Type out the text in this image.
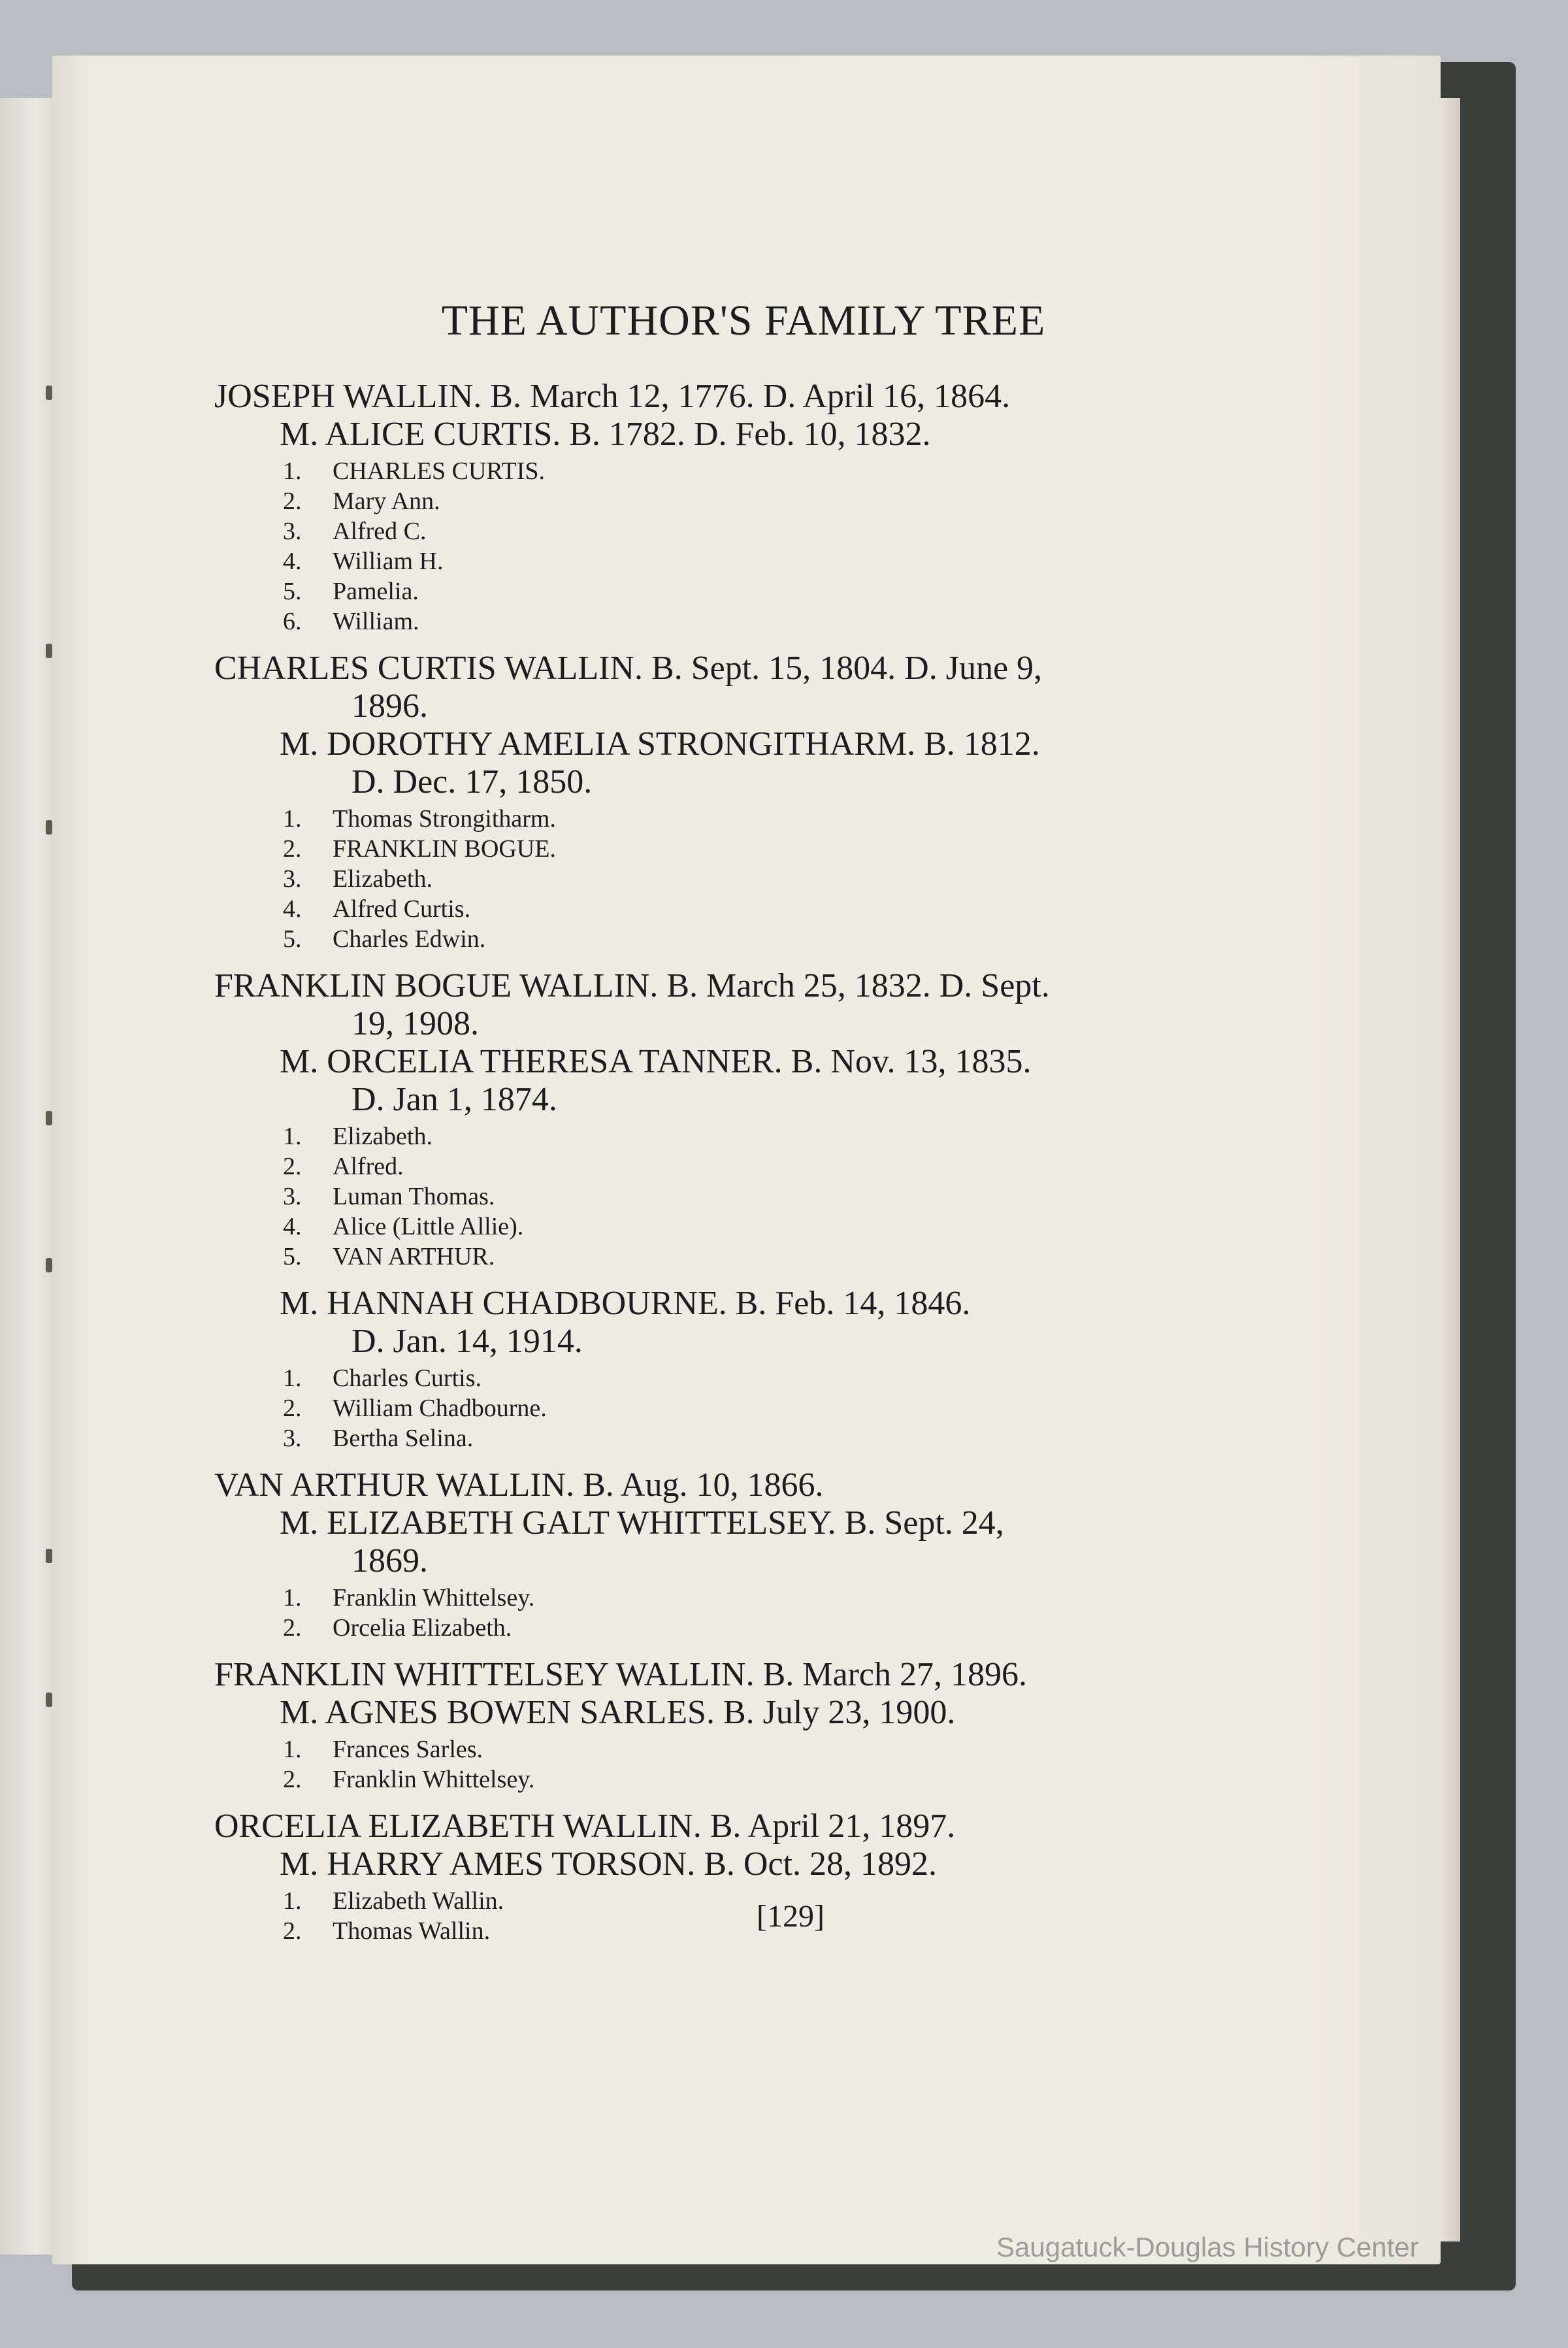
THE AUTHOR'S FAMILY TREE
JOSEPH WALLIN. B. March 12, 1776. D. April 16, 1864.
M. ALICE CURTIS. B. 1782. D. Feb. 10, 1832.
1.	CHARLES CURTIS.
2.	Mary Ann.
3.	Alfred C.
4.	William H.
5.	Pamelia.
6.	William.
CHARLES CURTIS WALLIN. B. Sept. 15, 1804. D. June 9,
1896.
M. DOROTHY AMELIA STRONGITHARM. B. 1812.
D. Dec. 17, 1850.
1.	Thomas Strongitharm.
2.	FRANKLIN BOGUE.
3.	Elizabeth.
4.	Alfred Curtis.
5.	Charles Edwin.
FRANKLIN BOGUE WALLIN. B. March 25, 1832. D. Sept.
19, 1908.
M. ORCELIA THERESA TANNER. B. Nov. 13, 1835.
D. Jan 1, 1874.
1.	Elizabeth.
2.	Alfred.
3.	Luman Thomas.
4.	Alice (Little Allie).
5.	VAN ARTHUR.
M. HANNAH CHADBOURNE. B. Feb. 14, 1846.
D. Jan. 14, 1914.
1.	Charles Curtis.
2.	William Chadbourne.
3.	Bertha Selina.
VAN ARTHUR WALLIN. B. Aug. 10, 1866.
M. ELIZABETH GALT WHITTELSEY. B. Sept. 24,
1869.
1.	Franklin Whittelsey.
2.	Orcelia Elizabeth.
FRANKLIN WHITTELSEY WALLIN. B. March 27, 1896.
M. AGNES BOWEN SARLES. B. July 23, 1900.
1.	Frances Sarles.
2.	Franklin Whittelsey.
ORCELIA ELIZABETH WALLIN. B. April 21, 1897.
M. HARRY AMES TORSON. B. Oct. 28, 1892.
1.	Elizabeth Wallin.
2.	Thomas Wallin.	[129]
Saugatuck-Douglas History Center
